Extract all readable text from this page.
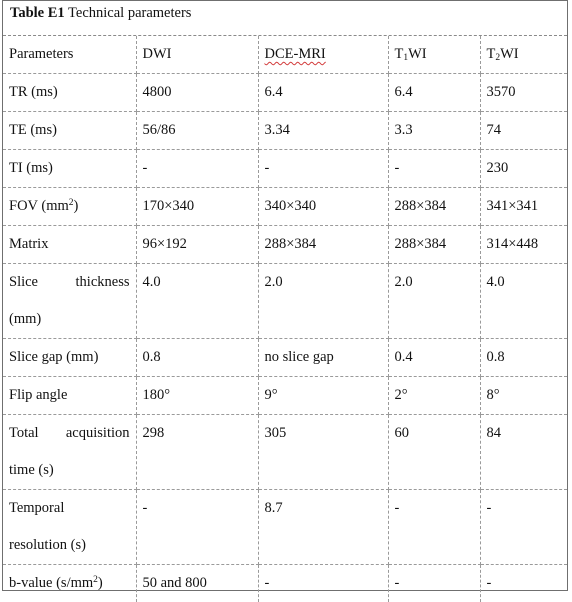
Table E1 Technical parameters
Parameters	DWI	DCE-MRI	$T_1WI$	$T_2WI$
TR (ms)	4800	6.4	6.4	3570
TE (ms)	56/86	3.34	3.3	74
TI (ms)	-	-	-	230
FOV $(mm^2)$	170×340	340×340	288×384	341×341
Matrix	96×192	288×384	288×384	314×448

Slice thickness
(mm)	4.0	2.0	2.0	4.0
Slice gap (mm)	0.8	no slice gap	0.4	0.8
Flip angle	180°	9°	2°	8°

Total acquisition
time (s)	298	305	60	84

Temporal
resolution (s)	-	8.7	-	-
b-value $(s/mm^2)$	50 and 800	-	-	-
